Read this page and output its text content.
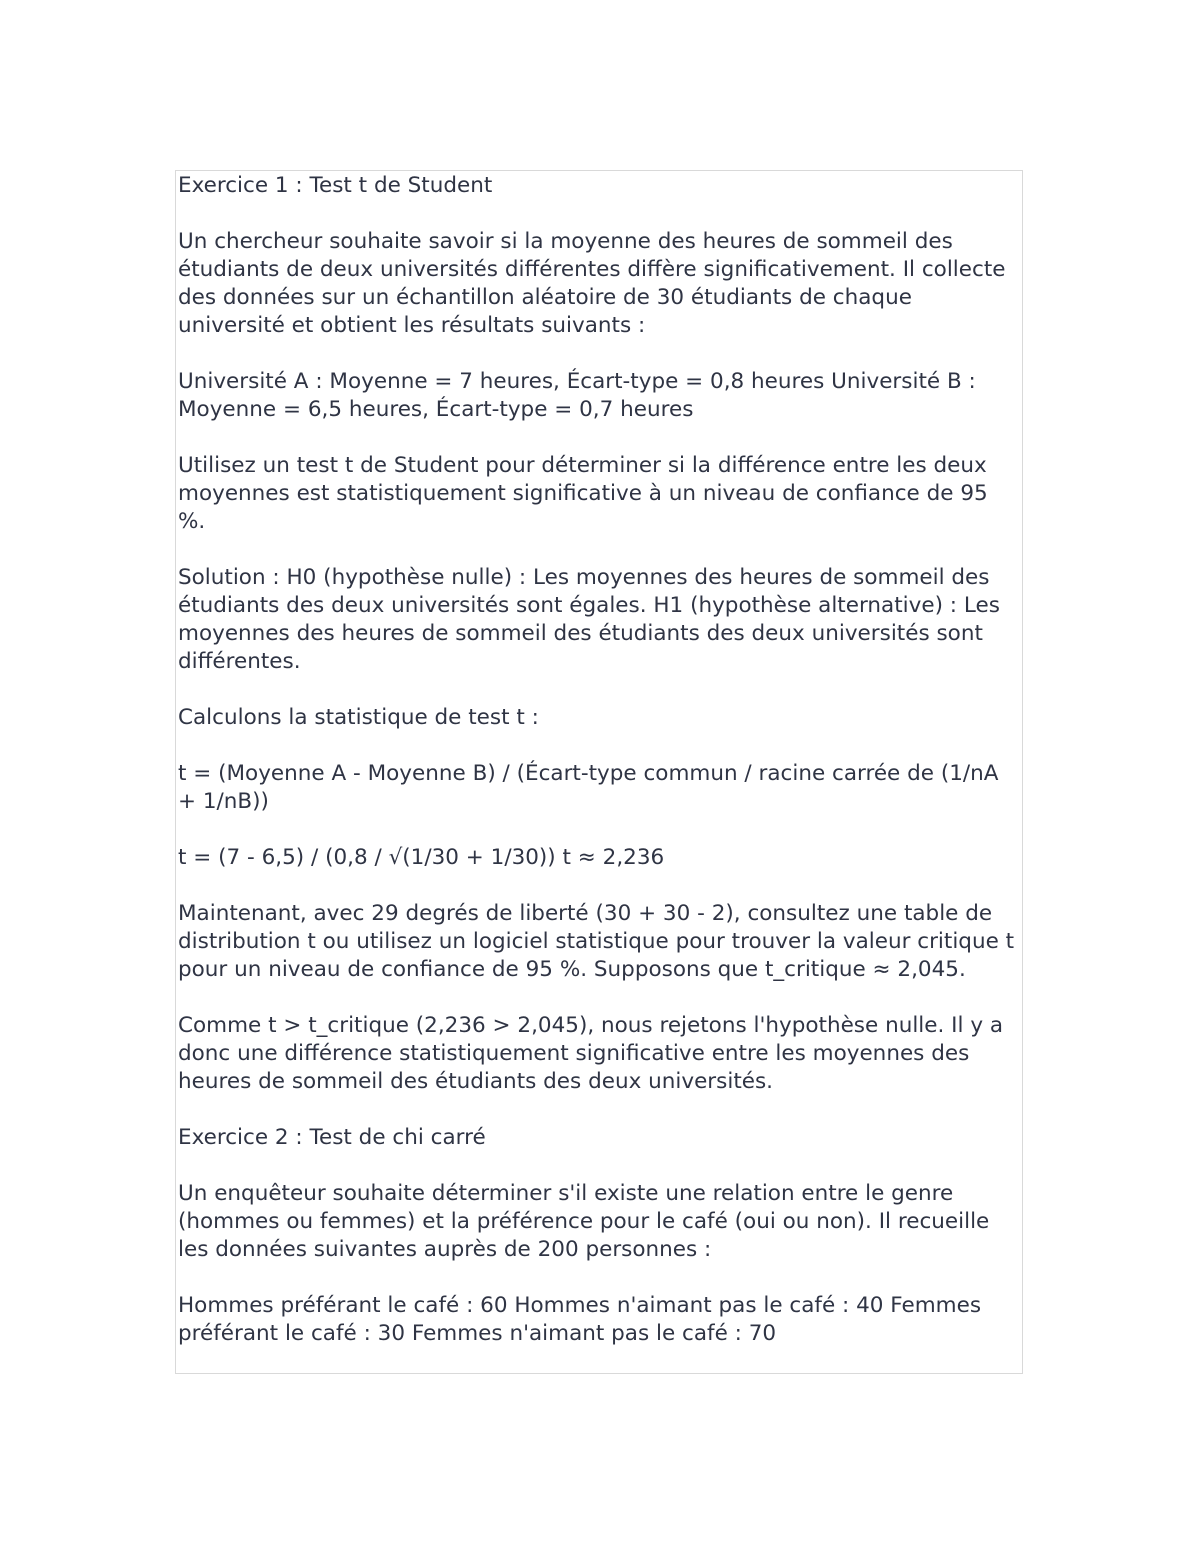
Exercice 1 : Test t de Student

Un chercheur souhaite savoir si la moyenne des heures de sommeil des étudiants de deux universités différentes diffère significativement. Il collecte des données sur un échantillon aléatoire de 30 étudiants de chaque université et obtient les résultats suivants :

Université A : Moyenne = 7 heures, Écart-type = 0,8 heures Université B : Moyenne = 6,5 heures, Écart-type = 0,7 heures

Utilisez un test t de Student pour déterminer si la différence entre les deux moyennes est statistiquement significative à un niveau de confiance de 95 %.

Solution : H0 (hypothèse nulle) : Les moyennes des heures de sommeil des étudiants des deux universités sont égales. H1 (hypothèse alternative) : Les moyennes des heures de sommeil des étudiants des deux universités sont différentes.

Calculons la statistique de test t :

t = (Moyenne A - Moyenne B) / (Écart-type commun / racine carrée de (1/nA + 1/nB))

t = (7 - 6,5) / (0,8 / √(1/30 + 1/30)) t ≈ 2,236

Maintenant, avec 29 degrés de liberté (30 + 30 - 2), consultez une table de distribution t ou utilisez un logiciel statistique pour trouver la valeur critique t pour un niveau de confiance de 95 %. Supposons que t_critique ≈ 2,045.

Comme t > t_critique (2,236 > 2,045), nous rejetons l'hypothèse nulle. Il y a donc une différence statistiquement significative entre les moyennes des heures de sommeil des étudiants des deux universités.

Exercice 2 : Test de chi carré

Un enquêteur souhaite déterminer s'il existe une relation entre le genre (hommes ou femmes) et la préférence pour le café (oui ou non). Il recueille les données suivantes auprès de 200 personnes :

Hommes préférant le café : 60 Hommes n'aimant pas le café : 40 Femmes préférant le café : 30 Femmes n'aimant pas le café : 70
